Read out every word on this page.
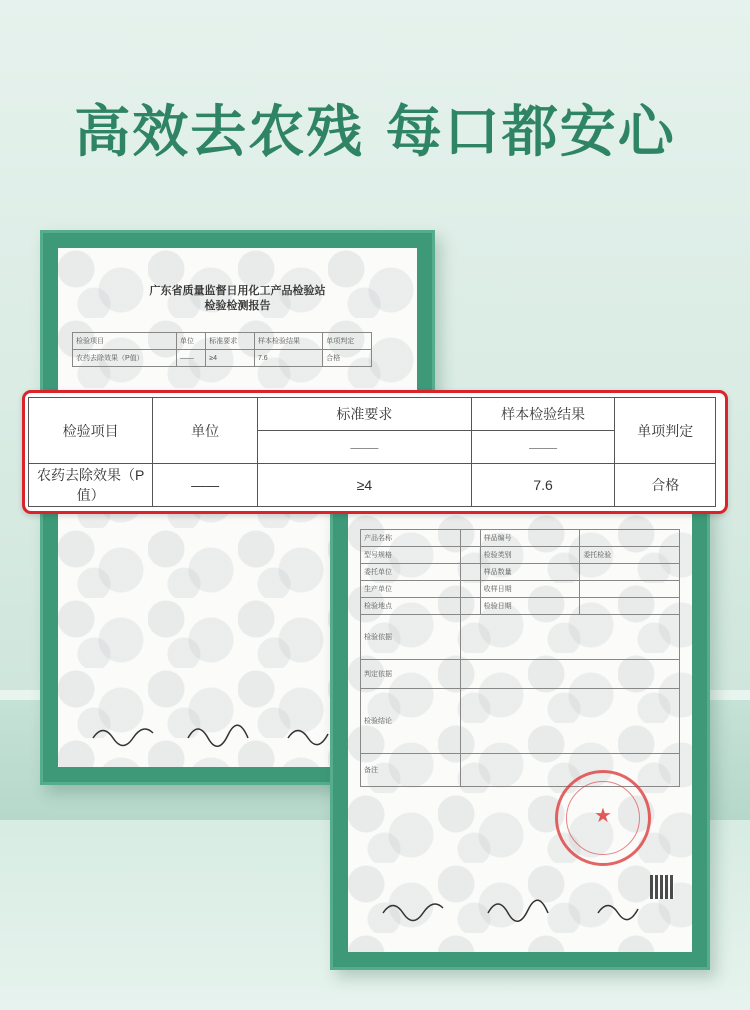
高效去农残 每口都安心
广东省质量监督日用化工产品检验站
检验检测报告
检验项目	单位	标准要求	样本检验结果	单项判定
农药去除效果（P值）	——	≥4	7.6	合格
产品名称		样品编号	
型号规格		检验类别	委托检验
委托单位		样品数量	
生产单位		收样日期	
检验地点		检验日期	
检验依据			
判定依据			
检验结论			
备注			
★
检验项目	单位	标准要求	样本检验结果	单项判定
		——	——	
农药去除效果（P值）	——	≥4	7.6	合格
